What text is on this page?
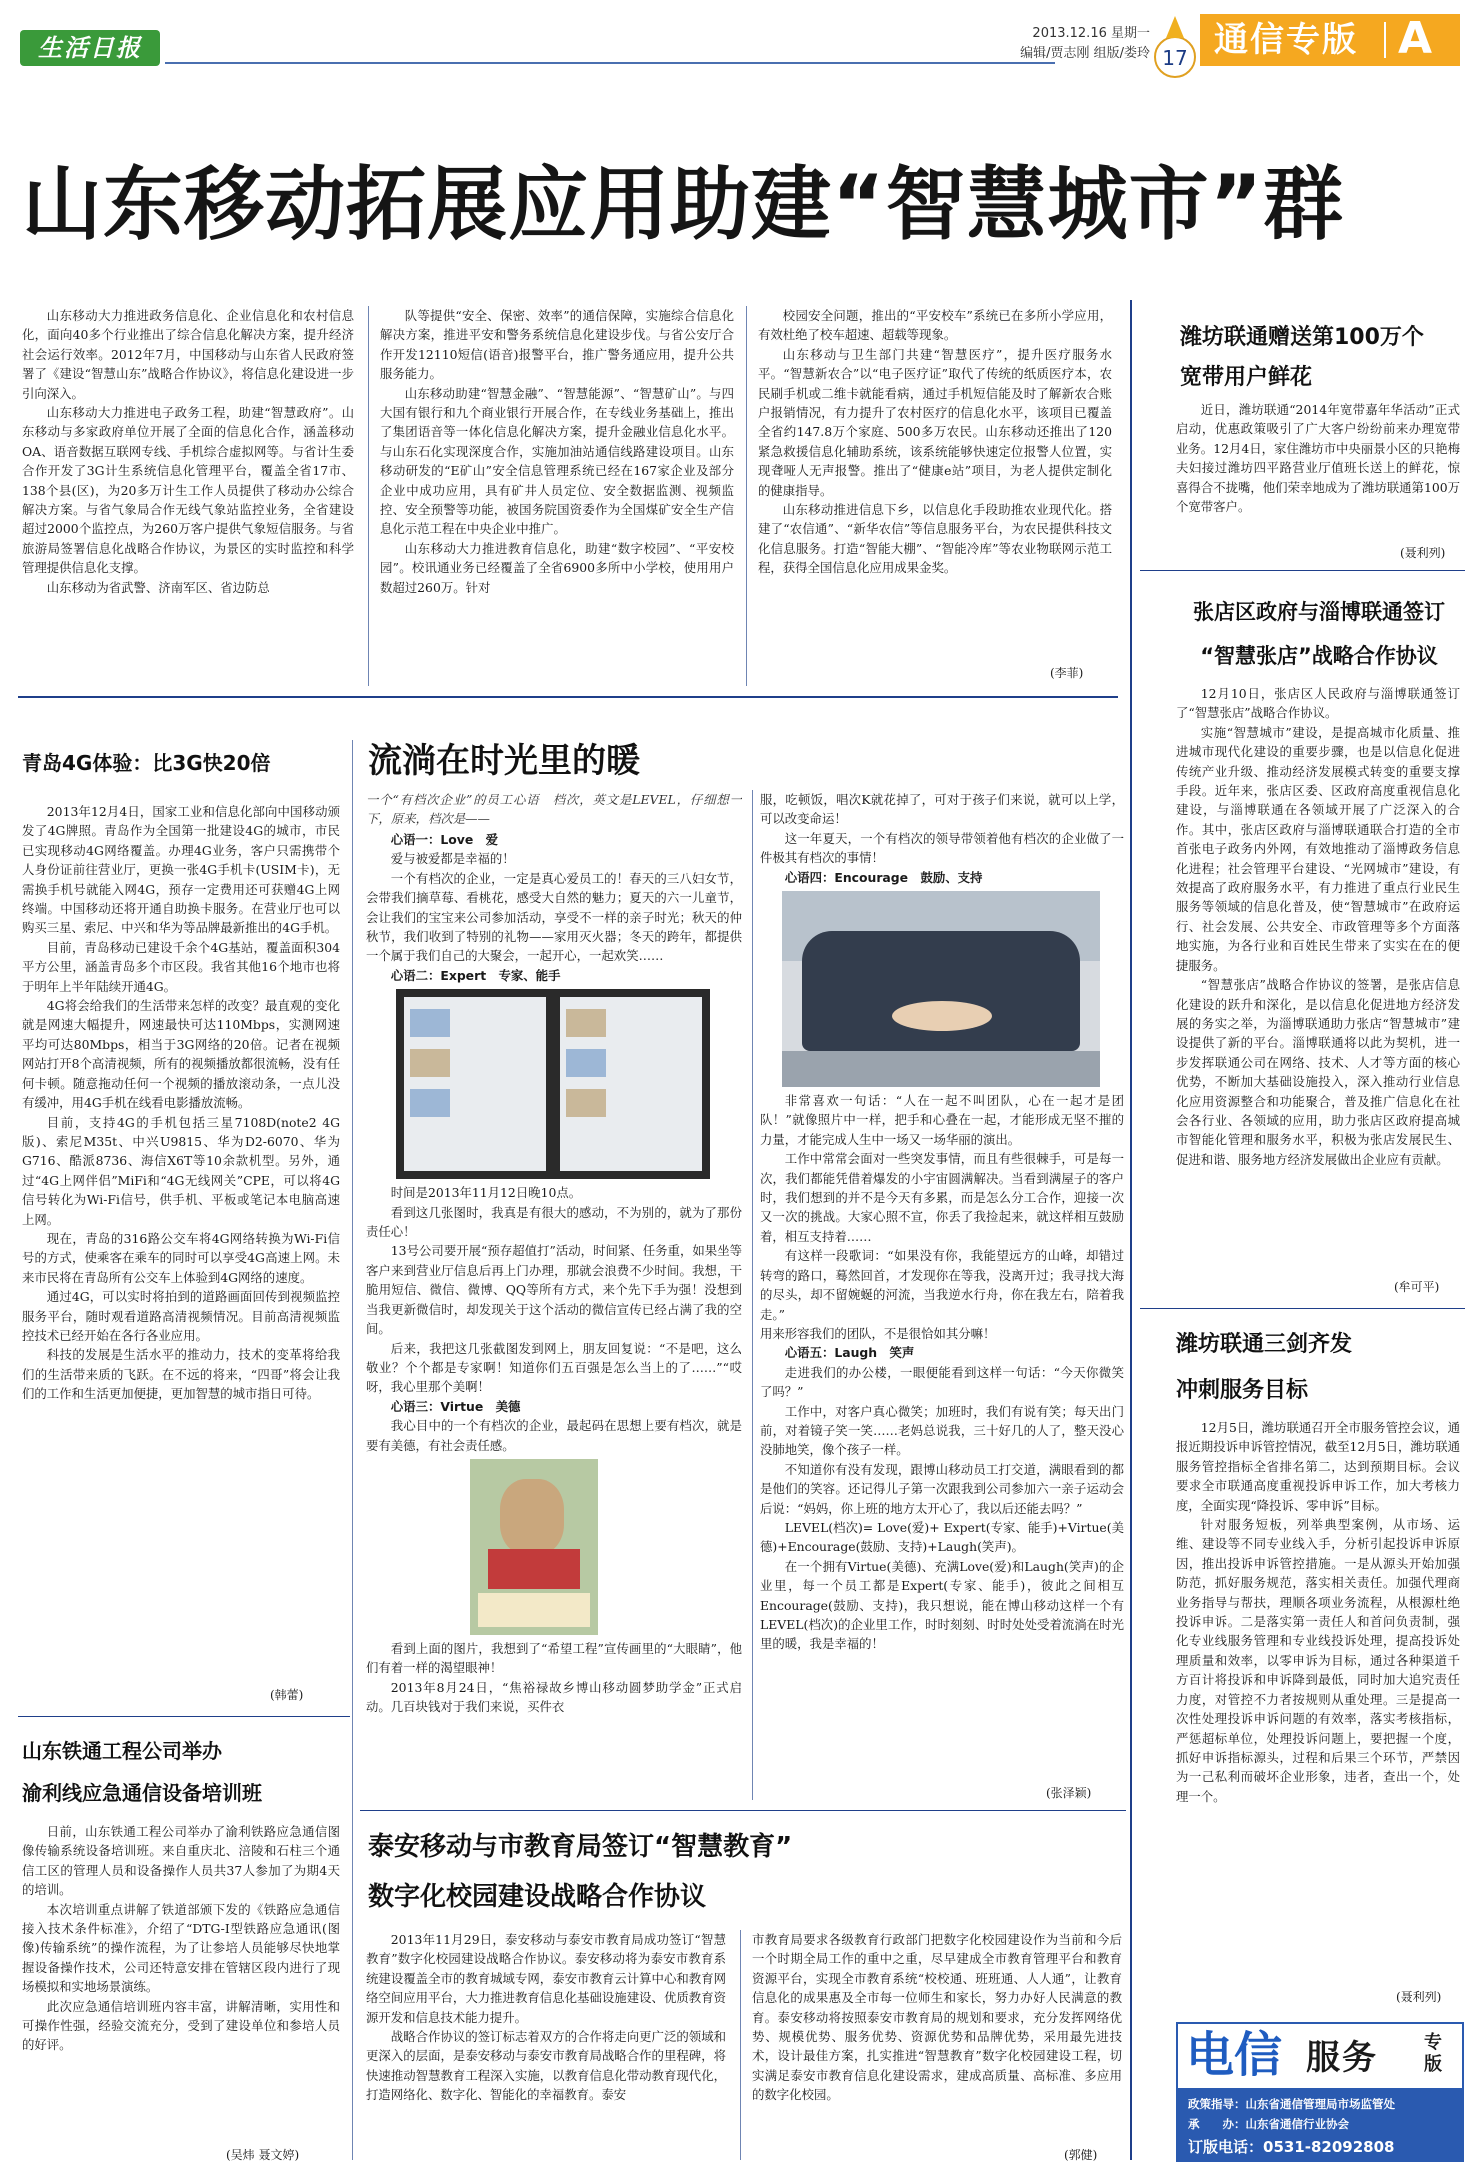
生活日报
2013.12.16 星期一
编辑/贾志刚 组版/娄玲 17 通信专版 A
山东移动拓展应用助建“智慧城市”群

山东移动大力推进政务信息化、企业信息化和农村信息化，面向40多个行业推出了综合信息化解决方案，提升经济社会运行效率。2012年7月，中国移动与山东省人民政府签署了《建设“智慧山东”战略合作协议》，将信息化建设进一步引向深入。

山东移动大力推进电子政务工程，助建“智慧政府”。山东移动与多家政府单位开展了全面的信息化合作，涵盖移动OA、语音数据互联网专线、手机综合虚拟网等。与省计生委合作开发了3G计生系统信息化管理平台，覆盖全省17市、138个县(区)，为20多万计生工作人员提供了移动办公综合解决方案。与省气象局合作无线气象站监控业务，全省建设超过2000个监控点，为260万客户提供气象短信服务。与省旅游局签署信息化战略合作协议，为景区的实时监控和科学管理提供信息化支撑。

山东移动为省武警、济南军区、省边防总

队等提供“安全、保密、效率”的通信保障，实施综合信息化解决方案，推进平安和警务系统信息化建设步伐。与省公安厅合作开发12110短信(语音)报警平台，推广警务通应用，提升公共服务能力。

山东移动助建“智慧金融”、“智慧能源”、“智慧矿山”。与四大国有银行和九个商业银行开展合作，在专线业务基础上，推出了集团语音等一体化信息化解决方案，提升金融业信息化水平。与山东石化实现深度合作，实施加油站通信线路建设项目。山东移动研发的“E矿山”安全信息管理系统已经在167家企业及部分企业中成功应用，具有矿井人员定位、安全数据监测、视频监控、安全预警等功能，被国务院国资委作为全国煤矿安全生产信息化示范工程在中央企业中推广。

山东移动大力推进教育信息化，助建“数字校园”、“平安校园”。校讯通业务已经覆盖了全省6900多所中小学校，使用用户数超过260万。针对

校园安全问题，推出的“平安校车”系统已在多所小学应用，有效杜绝了校车超速、超载等现象。

山东移动与卫生部门共建“智慧医疗”，提升医疗服务水平。“智慧新农合”以“电子医疗证”取代了传统的纸质医疗本，农民刷手机或二维卡就能看病，通过手机短信能及时了解新农合账户报销情况，有力提升了农村医疗的信息化水平，该项目已覆盖全省约147.8万个家庭、500多万农民。山东移动还推出了120紧急救援信息化辅助系统，该系统能够快速定位报警人位置，实现聋哑人无声报警。推出了“健康e站”项目，为老人提供定制化的健康指导。

山东移动推进信息下乡，以信息化手段助推农业现代化。搭建了“农信通”、“新华农信”等信息服务平台，为农民提供科技文化信息服务。打造“智能大棚”、“智能冷库”等农业物联网示范工程，获得全国信息化应用成果金奖。

(李菲)
潍坊联通赠送第100万个
宽带用户鲜花

近日，潍坊联通“2014年宽带嘉年华活动”正式启动，优惠政策吸引了广大客户纷纷前来办理宽带业务。12月4日，家住潍坊市中央丽景小区的只艳梅夫妇接过潍坊四平路营业厅值班长送上的鲜花，惊喜得合不拢嘴，他们荣幸地成为了潍坊联通第100万个宽带客户。

(聂利列)
张店区政府与淄博联通签订
“智慧张店”战略合作协议

12月10日，张店区人民政府与淄博联通签订了“智慧张店”战略合作协议。

实施“智慧城市”建设，是提高城市化质量、推进城市现代化建设的重要步骤，也是以信息化促进传统产业升级、推动经济发展模式转变的重要支撑手段。近年来，张店区委、区政府高度重视信息化建设，与淄博联通在各领域开展了广泛深入的合作。其中，张店区政府与淄博联通联合打造的全市首张电子政务内外网，有效地推动了淄博政务信息化进程；社会管理平台建设、“光网城市”建设，有效提高了政府服务水平，有力推进了重点行业民生服务等领域的信息化普及，使“智慧城市”在政府运行、社会发展、公共安全、市政管理等多个方面落地实施，为各行业和百姓民生带来了实实在在的便捷服务。

“智慧张店”战略合作协议的签署，是张店信息化建设的跃升和深化，是以信息化促进地方经济发展的务实之举，为淄博联通助力张店“智慧城市”建设提供了新的平台。淄博联通将以此为契机，进一步发挥联通公司在网络、技术、人才等方面的核心优势，不断加大基础设施投入，深入推动行业信息化应用资源整合和功能聚合，普及推广信息化在社会各行业、各领域的应用，助力张店区政府提高城市智能化管理和服务水平，积极为张店发展民生、促进和谐、服务地方经济发展做出企业应有贡献。

(牟可平)
潍坊联通三剑齐发
冲刺服务目标

12月5日，潍坊联通召开全市服务管控会议，通报近期投诉申诉管控情况，截至12月5日，潍坊联通服务管控指标全省排名第二，达到预期目标。会议要求全市联通高度重视投诉申诉工作，加大考核力度，全面实现“降投诉、零申诉”目标。

针对服务短板，列举典型案例，从市场、运维、建设等不同专业线入手，分析引起投诉申诉原因，推出投诉申诉管控措施。一是从源头开始加强防范，抓好服务规范，落实相关责任。加强代理商业务指导与帮扶，理顺各项业务流程，从根源杜绝投诉申诉。二是落实第一责任人和首问负责制，强化专业线服务管理和专业线投诉处理，提高投诉处理质量和效率，以零申诉为目标，通过各种渠道千方百计将投诉和申诉降到最低，同时加大追究责任力度，对管控不力者按规则从重处理。三是提高一次性处理投诉申诉问题的有效率，落实考核指标，严惩超标单位，处理投诉问题上，要把握一个度，抓好申诉指标源头，过程和后果三个环节，严禁因为一己私利而破坏企业形象，违者，查出一个，处理一个。

(聂利列)
电信 服务	专版
政策指导：山东省通信管理局市场监管处
承　　办：山东省通信行业协会
订版电话：0531-82092808
青岛4G体验：比3G快20倍

2013年12月4日，国家工业和信息化部向中国移动颁发了4G牌照。青岛作为全国第一批建设4G的城市，市民已实现移动4G网络覆盖。办理4G业务，客户只需携带个人身份证前往营业厅，更换一张4G手机卡(USIM卡)，无需换手机号就能入网4G，预存一定费用还可获赠4G上网终端。中国移动还将开通自助换卡服务。在营业厅也可以购买三星、索尼、中兴和华为等品牌最新推出的4G手机。

目前，青岛移动已建设千余个4G基站，覆盖面积304平方公里，涵盖青岛多个市区段。我省其他16个地市也将于明年上半年陆续开通4G。

4G将会给我们的生活带来怎样的改变？最直观的变化就是网速大幅提升，网速最快可达110Mbps，实测网速平均可达80Mbps，相当于3G网络的20倍。记者在视频网站打开8个高清视频，所有的视频播放都很流畅，没有任何卡顿。随意拖动任何一个视频的播放滚动条，一点儿没有缓冲，用4G手机在线看电影播放流畅。

目前，支持4G的手机包括三星7108D(note2 4G版)、索尼M35t、中兴U9815、华为D2-6070、华为G716、酷派8736、海信X6T等10余款机型。另外，通过“4G上网伴侣”MiFi和“4G无线网关”CPE，可以将4G信号转化为Wi-Fi信号，供手机、平板或笔记本电脑高速上网。

现在，青岛的316路公交车将4G网络转换为Wi-Fi信号的方式，使乘客在乘车的同时可以享受4G高速上网。未来市民将在青岛所有公交车上体验到4G网络的速度。

通过4G，可以实时将拍到的道路画面回传到视频监控服务平台，随时观看道路高清视频情况。目前高清视频监控技术已经开始在各行各业应用。

科技的发展是生活水平的推动力，技术的变革将给我们的生活带来质的飞跃。在不远的将来，“四哥”将会让我们的工作和生活更加便捷，更加智慧的城市指日可待。

(韩蕾)
山东铁通工程公司举办
渝利线应急通信设备培训班

日前，山东铁通工程公司举办了渝利铁路应急通信图像传输系统设备培训班。来自重庆北、涪陵和石柱三个通信工区的管理人员和设备操作人员共37人参加了为期4天的培训。

本次培训重点讲解了铁道部颁下发的《铁路应急通信接入技术条件标准》，介绍了“DTG-I型铁路应急通讯(图像)传输系统”的操作流程，为了让参培人员能够尽快地掌握设备操作技术，公司还特意安排在管辖区段内进行了现场模拟和实地场景演练。

此次应急通信培训班内容丰富，讲解清晰，实用性和可操作性强，经验交流充分，受到了建设单位和参培人员的好评。

(吴炜 聂文婷)
流淌在时光里的暖
一个“有档次企业”的员工心语　档次，英文是LEVEL，仔细想一下，原来，档次是——

心语一：Love　爱

爱与被爱都是幸福的！

一个有档次的企业，一定是真心爱员工的！春天的三八妇女节，会带我们摘草莓、看桃花，感受大自然的魅力；夏天的六一儿童节，会让我们的宝宝来公司参加活动，享受不一样的亲子时光；秋天的仲秋节，我们收到了特别的礼物——家用灭火器；冬天的跨年，都提供一个属于我们自己的大聚会，一起开心，一起欢笑……

心语二：Expert　专家、能手

时间是2013年11月12日晚10点。

看到这几张图时，我真是有很大的感动，不为别的，就为了那份责任心！

13号公司要开展“预存超值打”活动，时间紧、任务重，如果坐等客户来到营业厅信息后再上门办理，那就会浪费不少时间。我想，干脆用短信、微信、微博、QQ等所有方式，来个先下手为强！没想到当我更新微信时，却发现关于这个活动的微信宣传已经占满了我的空间。

后来，我把这几张截图发到网上，朋友回复说：“不是吧，这么敬业？个个都是专家啊！知道你们五百强是怎么当上的了……”“哎呀，我心里那个美啊！

心语三：Virtue　美德

我心目中的一个有档次的企业，最起码在思想上要有档次，就是要有美德，有社会责任感。

看到上面的图片，我想到了“希望工程”宣传画里的“大眼睛”，他们有着一样的渴望眼神！

2013年8月24日，“焦裕禄故乡博山移动圆梦助学金”正式启动。几百块钱对于我们来说，买件衣

服，吃顿饭，唱次K就花掉了，可对于孩子们来说，就可以上学，可以改变命运！

这一年夏天，一个有档次的领导带领着他有档次的企业做了一件极其有档次的事情！

心语四：Encourage　鼓励、支持

非常喜欢一句话：“人在一起不叫团队，心在一起才是团队！”就像照片中一样，把手和心叠在一起，才能形成无坚不摧的力量，才能完成人生中一场又一场华丽的演出。

工作中常常会面对一些突发事情，而且有些很棘手，可是每一次，我们都能凭借着爆发的小宇宙圆满解决。当看到满屋子的客户时，我们想到的并不是今天有多累，而是怎么分工合作，迎接一次又一次的挑战。大家心照不宣，你丢了我捡起来，就这样相互鼓励着，相互支持着……

有这样一段歌词：“如果没有你，我能望远方的山峰，却错过转弯的路口，蓦然回首，才发现你在等我，没离开过；我寻找大海的尽头，却不留婉蜒的河流，当我逆水行舟，你在我左右，陪着我走。”

用来形容我们的团队，不是很恰如其分嘛！

心语五：Laugh　笑声

走进我们的办公楼，一眼便能看到这样一句话：“今天你微笑了吗？”

工作中，对客户真心微笑；加班时，我们有说有笑；每天出门前，对着镜子笑一笑……老妈总说我，三十好几的人了，整天没心没肺地笑，像个孩子一样。

不知道你有没有发现，跟博山移动员工打交道，满眼看到的都是他们的笑容。还记得儿子第一次跟我到公司参加六一亲子运动会后说：“妈妈，你上班的地方太开心了，我以后还能去吗？”

LEVEL(档次)= Love(爱)+ Expert(专家、能手)+Virtue(美德)+Encourage(鼓励、支持)+Laugh(笑声)。

在一个拥有Virtue(美德)、充满Love(爱)和Laugh(笑声)的企业里，每一个员工都是Expert(专家、能手)，彼此之间相互Encourage(鼓励、支持)，我只想说，能在博山移动这样一个有LEVEL(档次)的企业里工作，时时刻刻、时时处处受着流淌在时光里的暖，我是幸福的！

(张泽颖)
泰安移动与市教育局签订“智慧教育”
数字化校园建设战略合作协议

2013年11月29日，泰安移动与泰安市教育局成功签订“智慧教育”数字化校园建设战略合作协议。泰安移动将为泰安市教育系统建设覆盖全市的教育城域专网，泰安市教育云计算中心和教育网络空间应用平台，大力推进教育信息化基础设施建设、优质教育资源开发和信息技术能力提升。

战略合作协议的签订标志着双方的合作将走向更广泛的领域和更深入的层面，是泰安移动与泰安市教育局战略合作的里程碑，将快速推动智慧教育工程深入实施，以教育信息化带动教育现代化，打造网络化、数字化、智能化的幸福教育。泰安

市教育局要求各级教育行政部门把数字化校园建设作为当前和今后一个时期全局工作的重中之重，尽早建成全市教育管理平台和教育资源平台，实现全市教育系统“校校通、班班通、人人通”，让教育信息化的成果惠及全市每一位师生和家长，努力办好人民满意的教育。泰安移动将按照泰安市教育局的规划和要求，充分发挥网络优势、规模优势、服务优势、资源优势和品牌优势，采用最先进技术，设计最佳方案，扎实推进“智慧教育”数字化校园建设工程，切实满足泰安市教育信息化建设需求，建成高质量、高标准、多应用的数字化校园。

(郭健)
